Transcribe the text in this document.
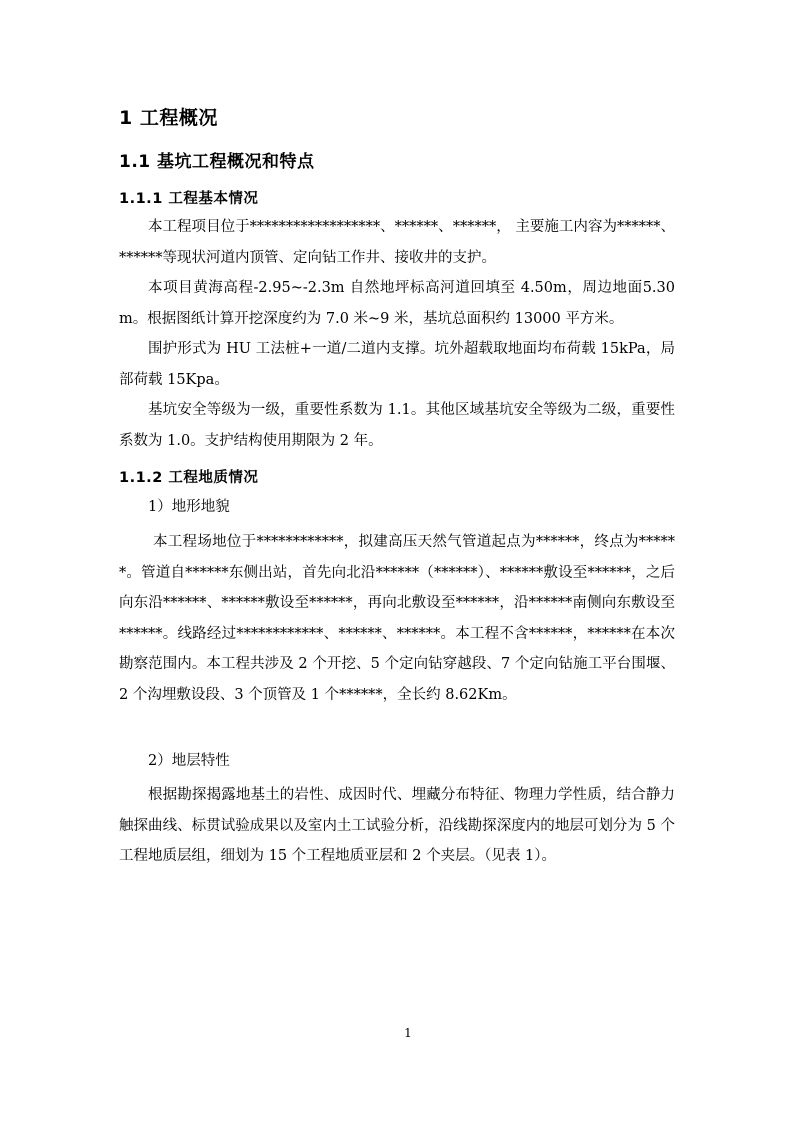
1 工程概况
1.1 基坑工程概况和特点
1.1.1 工程基本情况

本工程项目位于******************、******、******， 主要施工内容为******、******等现状河道内顶管、定向钻工作井、接收井的支护。

本项目黄海高程-2.95~-2.3m 自然地坪标高河道回填至 4.50m，周边地面5.30m。根据图纸计算开挖深度约为 7.0 米~9 米，基坑总面积约 13000 平方米。

围护形式为 HU 工法桩+一道/二道内支撑。坑外超载取地面均布荷载 15kPa，局部荷载 15Kpa。

基坑安全等级为一级，重要性系数为 1.1。其他区域基坑安全等级为二级，重要性系数为 1.0。支护结构使用期限为 2 年。

1.1.2 工程地质情况
1）地形地貌

本工程场地位于************，拟建高压天然气管道起点为******，终点为******。管道自******东侧出站，首先向北沿******（******）、******敷设至******，之后向东沿******、******敷设至******，再向北敷设至******，沿******南侧向东敷设至******。线路经过************、******、******。本工程不含******，******在本次勘察范围内。本工程共涉及 2 个开挖、5 个定向钻穿越段、7 个定向钻施工平台围堰、2 个沟埋敷设段、3 个顶管及 1 个******，全长约 8.62Km。

2）地层特性

根据勘探揭露地基土的岩性、成因时代、埋藏分布特征、物理力学性质，结合静力触探曲线、标贯试验成果以及室内土工试验分析，沿线勘探深度内的地层可划分为 5 个工程地质层组，细划为 15 个工程地质亚层和 2 个夹层。（见表 1）。

1
